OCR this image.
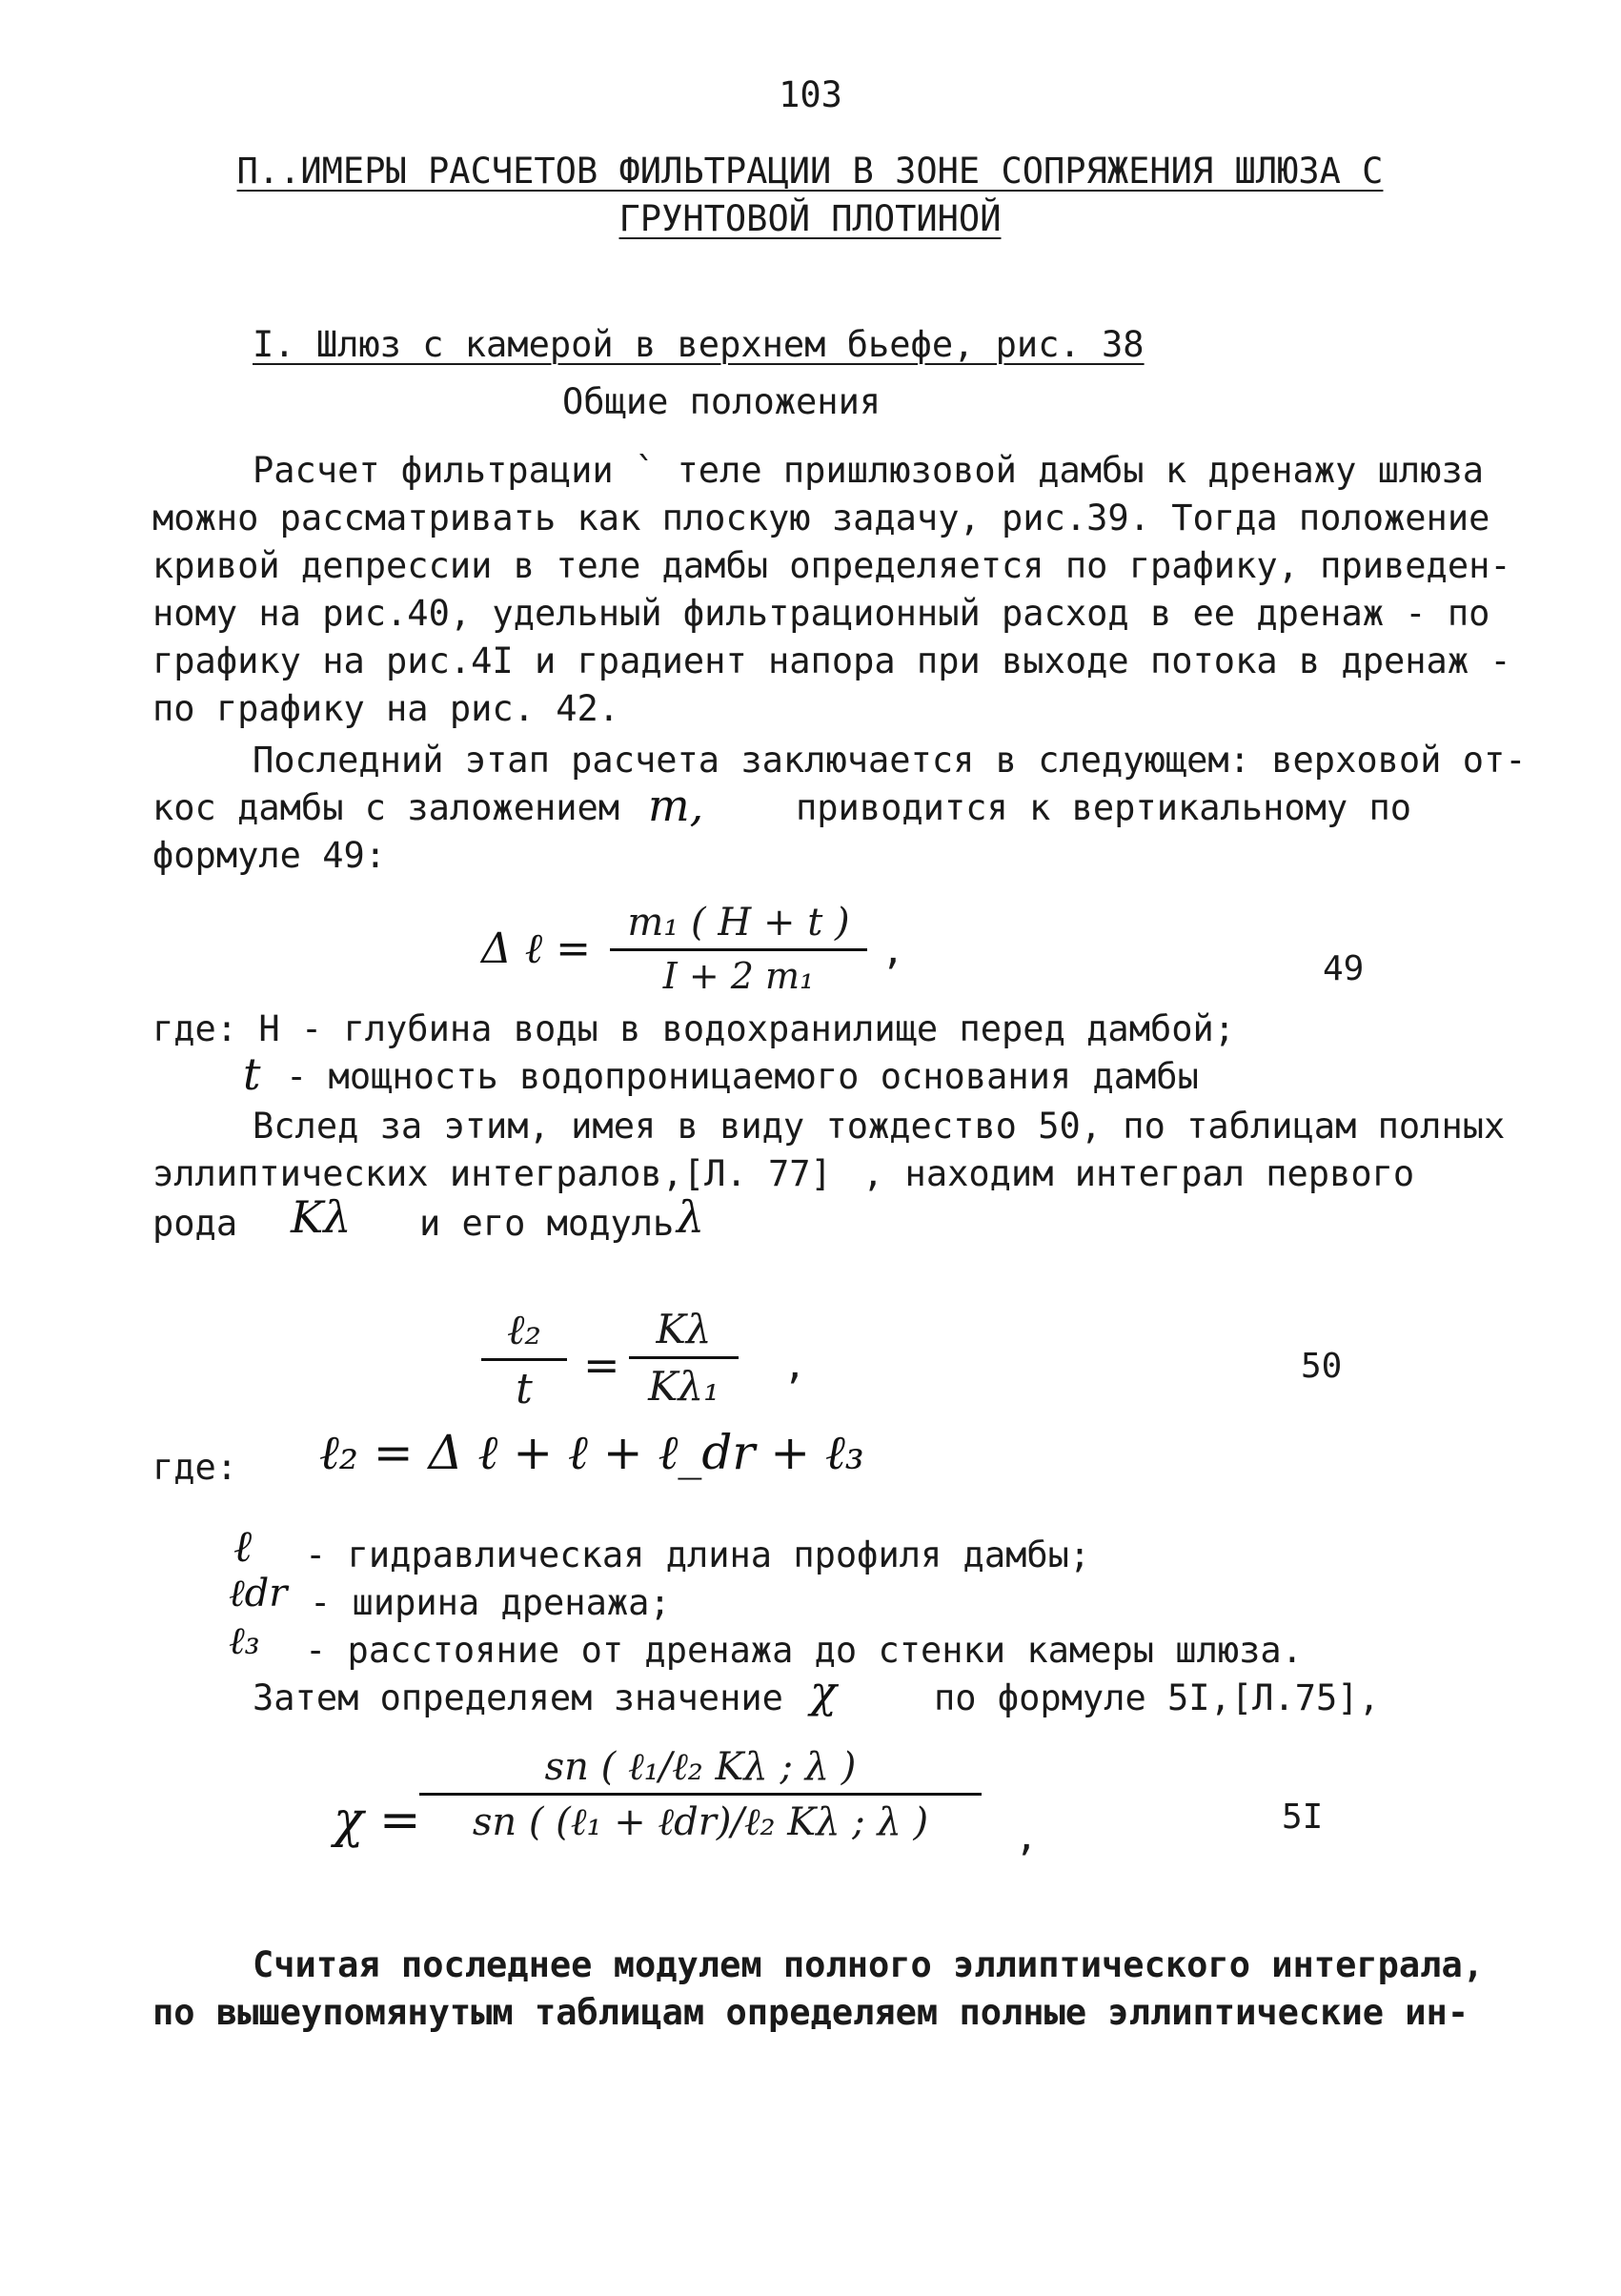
103
П..ИМЕРЫ РАСЧЕТОВ ФИЛЬТРАЦИИ В ЗОНЕ СОПРЯЖЕНИЯ ШЛЮЗА С
ГРУНТОВОЙ ПЛОТИНОЙ
I. Шлюз с камерой в верхнем бьефе, рис. 38
Общие положения
Расчет фильтрации ` теле пришлюзовой дамбы к дренажу шлюза
можно рассматривать как плоскую задачу, рис.39. Тогда положение
кривой депрессии в теле дамбы определяется по графику, приведен-
ному на рис.40, удельный фильтрационный расход в ее дренаж - по
графику на рис.4I и градиент напора при выходе потока в дренаж -
по графику на рис. 42.
Последний этап расчета заключается в следующем: верховой от-
кос дамбы с заложением m,	приводится к вертикальному по
формуле 49:
Δ ℓ =
m₁ ( H + t )
I + 2 m₁
,	49
где: Н - глубина воды в водохранилище перед дамбой;
t - мощность водопроницаемого основания дамбы
Вслед за этим, имея в виду тождество 50, по таблицам полных
эллиптических интегралов,[Л. 77] , находим интеграл первого
рода Kλ и его модуль λ
ℓ₂
t	=
Kλ
Kλ₁	,	50
где: ℓ₂ = Δ ℓ + ℓ + ℓ_dr + ℓ₃
ℓ - гидравлическая длина профиля дамбы;
ℓdr - ширина дренажа;
ℓ₃ - расстояние от дренажа до стенки камеры шлюза.
Затем определяем значение χ	по формуле 5I,[Л.75],
χ =
sn ( ℓ₁/ℓ₂ Kλ ; λ )
sn ( (ℓ₁ + ℓdr)/ℓ₂ Kλ ; λ )	,	5I
Считая последнее модулем полного эллиптического интеграла,
по вышеупомянутым таблицам определяем полные эллиптические ин-
